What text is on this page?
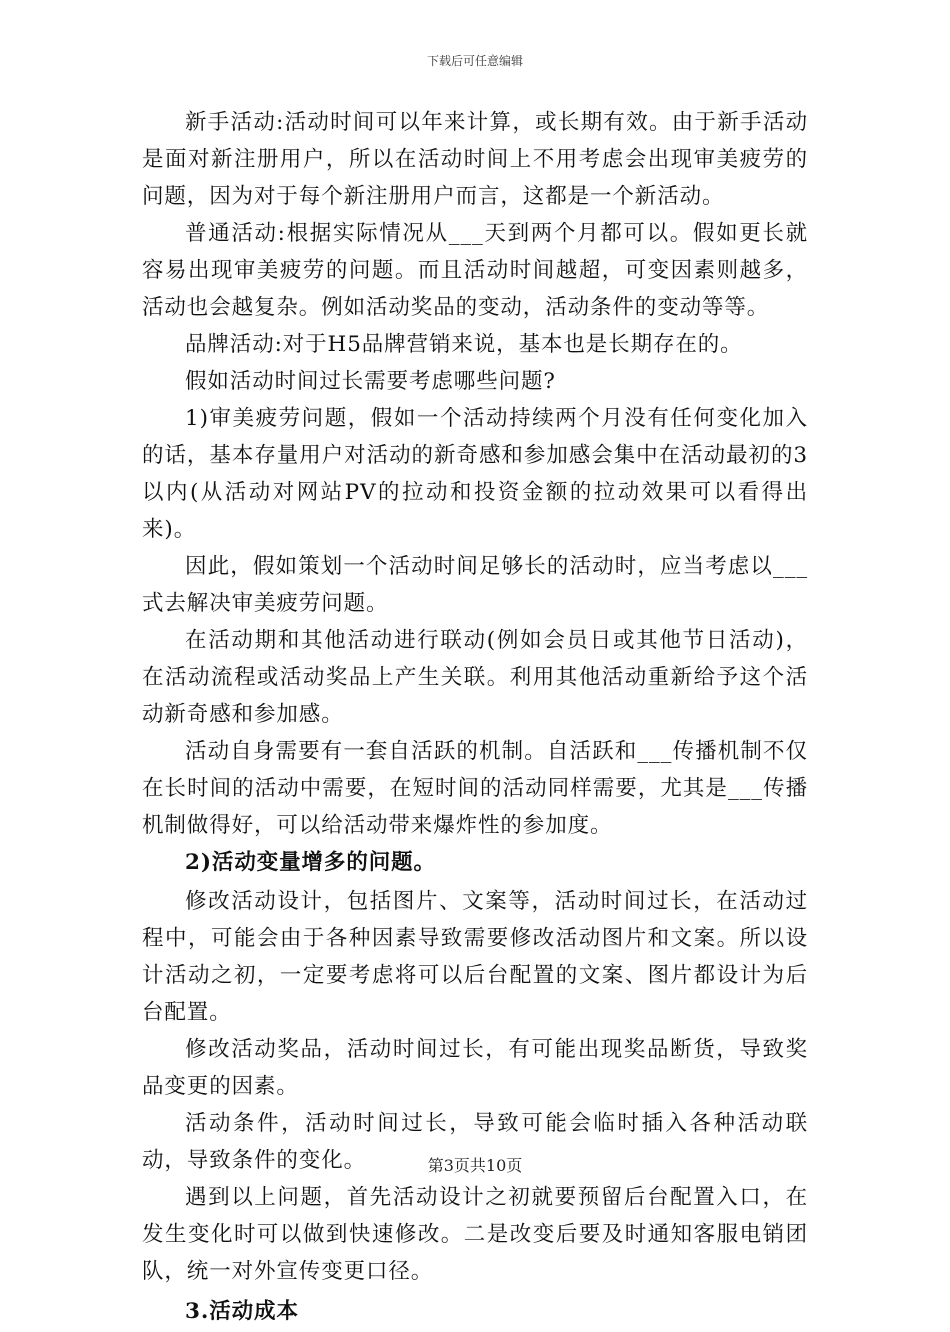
下载后可任意编辑

新手活动:活动时间可以年来计算，或长期有效。由于新手活动是面对新注册用户，所以在活动时间上不用考虑会出现审美疲劳的问题，因为对于每个新注册用户而言，这都是一个新活动。

普通活动:根据实际情况从___天到两个月都可以。假如更长就容易出现审美疲劳的问题。而且活动时间越超，可变因素则越多，活动也会越复杂。例如活动奖品的变动，活动条件的变动等等。

品牌活动:对于H5品牌营销来说，基本也是长期存在的。

假如活动时间过长需要考虑哪些问题?

1)审美疲劳问题，假如一个活动持续两个月没有任何变化加入的话，基本存量用户对活动的新奇感和参加感会集中在活动最初的3以内(从活动对网站PV的拉动和投资金额的拉动效果可以看得出来)。

因此，假如策划一个活动时间足够长的活动时，应当考虑以___式去解决审美疲劳问题。

在活动期和其他活动进行联动(例如会员日或其他节日活动)，在活动流程或活动奖品上产生关联。利用其他活动重新给予这个活动新奇感和参加感。

活动自身需要有一套自活跃的机制。自活跃和___传播机制不仅在长时间的活动中需要，在短时间的活动同样需要，尤其是___传播机制做得好，可以给活动带来爆炸性的参加度。

2)活动变量增多的问题。

修改活动设计，包括图片、文案等，活动时间过长，在活动过程中，可能会由于各种因素导致需要修改活动图片和文案。所以设计活动之初，一定要考虑将可以后台配置的文案、图片都设计为后台配置。

修改活动奖品，活动时间过长，有可能出现奖品断货，导致奖品变更的因素。

活动条件，活动时间过长，导致可能会临时插入各种活动联动，导致条件的变化。

遇到以上问题，首先活动设计之初就要预留后台配置入口，在发生变化时可以做到快速修改。二是改变后要及时通知客服电销团队，统一对外宣传变更口径。

3.活动成本

第3页共10页
